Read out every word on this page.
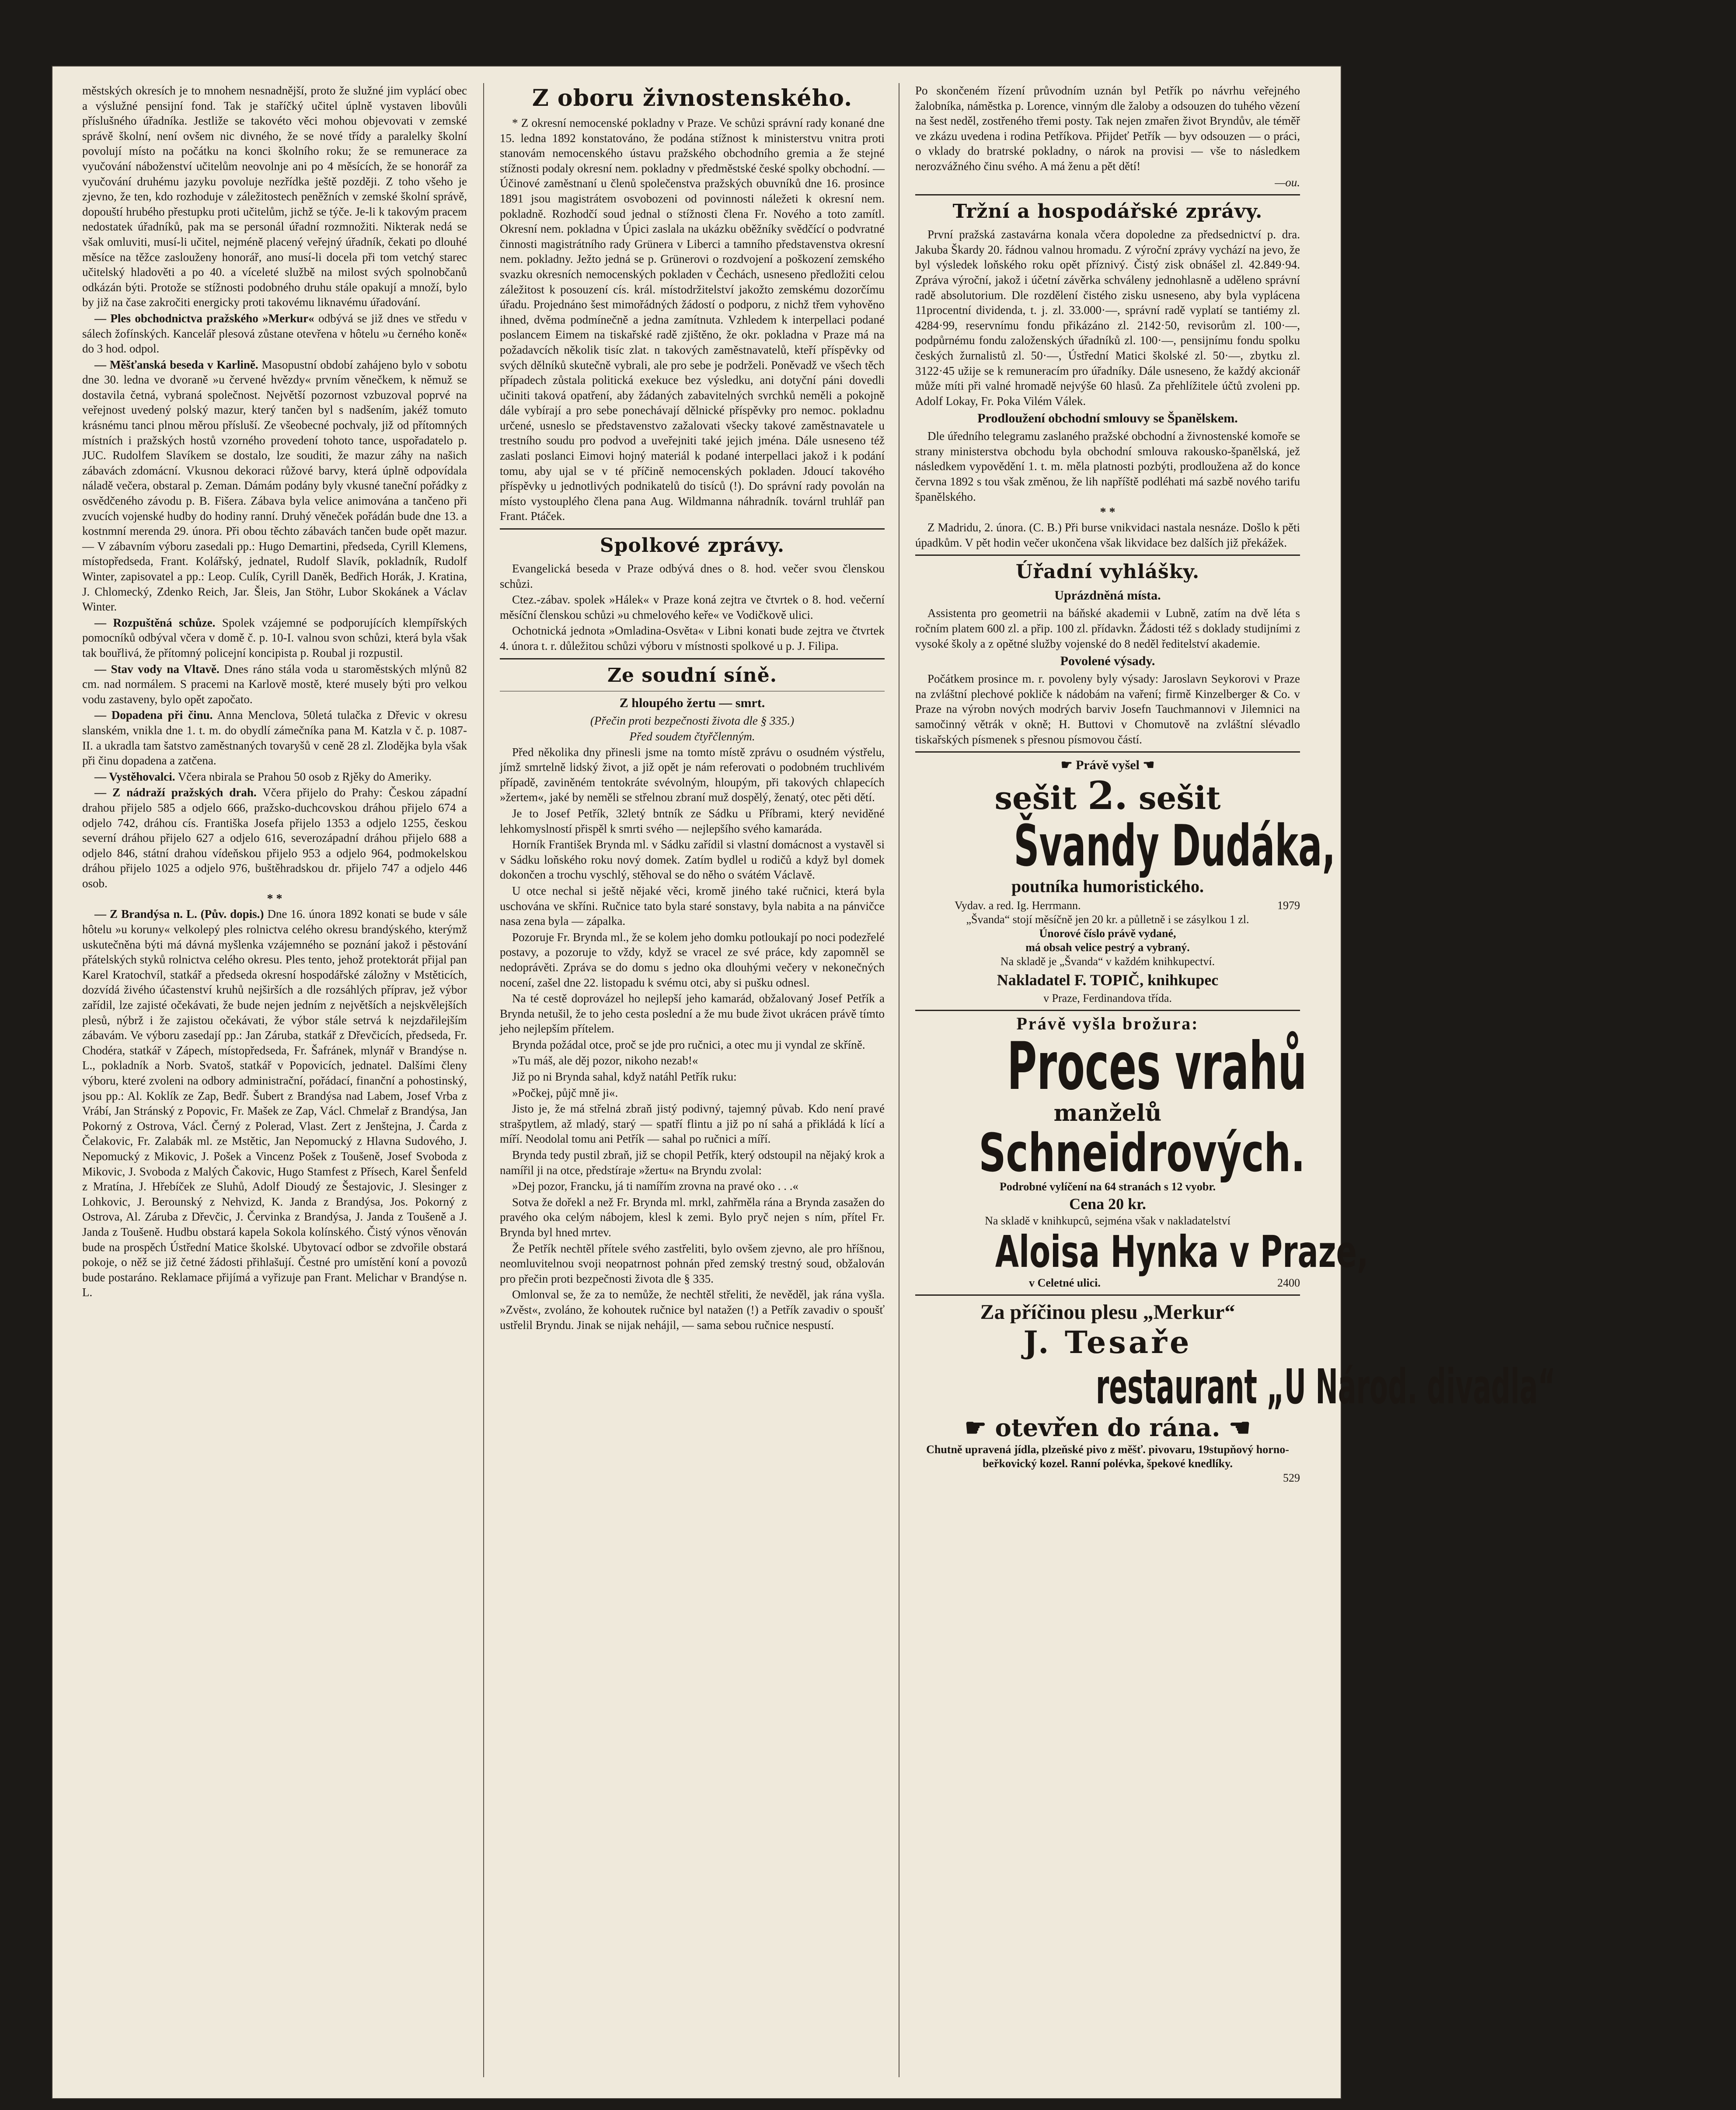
městských okresích je to mnohem nesnadnější, proto že služné jim vyplácí obec a výslužné pensijní fond. Tak je staříčký učitel úplně vystaven libovůli příslušného úřadníka. Jestliže se takovéto věci mohou objevovati v zemské správě školní, není ovšem nic divného, že se nové třídy a paralelky školní povolují místo na počátku na konci školního roku; že se remunerace za vyučování náboženství učitelům neovolnje ani po 4 měsících, že se honorář za vyučování druhému jazyku povoluje nezřídka ještě později. Z toho všeho je zjevno, že ten, kdo rozhoduje v záležitostech peněžních v zemské školní správě, dopouští hrubého přestupku proti učitelům, jichž se týče. Je-li k takovým pracem nedostatek úřadníků, pak ma se personál úřadní rozmnožiti. Nikterak nedá se však omluviti, musí-li učitel, nejméně placený veřejný úřadník, čekati po dlouhé měsíce na těžce zaslouženy honorář, ano musí-li docela při tom vetchý starec učitelský hladověti a po 40. a víceleté službě na milost svých spolnobčanů odkázán býti. Protože se stížnosti podobného druhu stále opakují a množí, bylo by již na čase zakročiti energicky proti takovému liknavému úřadování.

— Ples obchodnictva pražského »Merkur« odbývá se již dnes ve středu v sálech žofínských. Kancelář plesová zůstane otevřena v hôtelu »u černého koně« do 3 hod. odpol.

— Měšťanská beseda v Karlině. Masopustní období zahájeno bylo v sobotu dne 30. ledna ve dvoraně »u červené hvězdy« prvním věnečkem, k němuž se dostavila četná, vybraná společnost. Největší pozornost vzbuzoval poprvé na veřejnost uvedený polský mazur, který tančen byl s nadšením, jakéž tomuto krásnému tanci plnou měrou přísluší. Ze všeobecné pochvaly, již od přítomných místních i pražských hostů vzorného provedení tohoto tance, uspořadatelo p. JUC. Rudolfem Slavíkem se dostalo, lze souditi, že mazur záhy na našich zábavách zdomácní. Vkusnou dekoraci růžové barvy, která úplně odpovídala náladě večera, obstaral p. Zeman. Dámám podány byly vkusné taneční pořádky z osvědčeného závodu p. B. Fišera. Zábava byla velice animována a tančeno při zvucích vojenské hudby do hodiny ranní. Druhý věneček pořádán bude dne 13. a kostnmní merenda 29. února. Při obou těchto zábavách tančen bude opět mazur. — V zábavním výboru zasedali pp.: Hugo Demartini, předseda, Cyrill Klemens, místopředseda, Frant. Kolářský, jednatel, Rudolf Slavík, pokladník, Rudolf Winter, zapisovatel a pp.: Leop. Culík, Cyrill Daněk, Bedřich Horák, J. Kratina, J. Chlomecký, Zdenko Reich, Jar. Šleis, Jan Stöhr, Lubor Skokánek a Václav Winter.

— Rozpuštěná schůze. Spolek vzájemné se podporujících klempířských pomocníků odbýval včera v domě č. p. 10-I. valnou svon schůzi, která byla však tak bouřlivá, že přítomný policejní koncipista p. Roubal ji rozpustil.

— Stav vody na Vltavě. Dnes ráno stála voda u staroměstských mlýnů 82 cm. nad normálem. S pracemi na Karlově mostě, které musely býti pro velkou vodu zastaveny, bylo opět započato.

— Dopadena při činu. Anna Menclova, 50letá tulačka z Dřevic v okresu slanském, vnikla dne 1. t. m. do obydlí zámečníka pana M. Katzla v č. p. 1087-II. a ukradla tam šatstvo zaměstnaných tovaryšů v ceně 28 zl. Zlodějka byla však při činu dopadena a zatčena.

— Vystěhovalci. Včera nbirala se Prahou 50 osob z Rjěky do Ameriky.

— Z nádraží pražských drah. Včera přijelo do Prahy: Českou západní drahou přijelo 585 a odjelo 666, pražsko-duchcovskou dráhou přijelo 674 a odjelo 742, dráhou cís. Františka Josefa přijelo 1353 a odjelo 1255, českou severní dráhou přijelo 627 a odjelo 616, severozápadní dráhou přijelo 688 a odjelo 846, státní drahou vídeňskou přijelo 953 a odjelo 964, podmokelskou dráhou přijelo 1025 a odjelo 976, buštěhradskou dr. přijelo 747 a odjelo 446 osob.

* *

— Z Brandýsa n. L. (Pův. dopis.) Dne 16. února 1892 konati se bude v sále hôtelu »u koruny« velkolepý ples rolnictva celého okresu brandýského, kterýmž uskutečněna býti má dávná myšlenka vzájemného se poznání jakož i pěstování přátelských styků rolnictva celého okresu. Ples tento, jehož protektorát přijal pan Karel Kratochvíl, statkář a předseda okresní hospodářské záložny v Mstěticích, dozvídá živého účastenství kruhů nejširších a dle rozsáhlých příprav, jež výbor zařídil, lze zajisté očekávati, že bude nejen jedním z největších a nejskvělejších plesů, nýbrž i že zajistou očekávati, že výbor stále setrvá k nejzdařilejším zábavám. Ve výboru zasedají pp.: Jan Záruba, statkář z Dřevčicích, předseda, Fr. Chodéra, statkář v Zápech, místopředseda, Fr. Šafránek, mlynář v Brandýse n. L., pokladník a Norb. Svatoš, statkář v Popovicích, jednatel. Dalšími členy výboru, které zvoleni na odbory administrační, pořádací, finanční a pohostinský, jsou pp.: Al. Koklík ze Zap, Bedř. Šubert z Brandýsa nad Labem, Josef Vrba z Vrábí, Jan Stránský z Popovic, Fr. Mašek ze Zap, Václ. Chmelař z Brandýsa, Jan Pokorný z Ostrova, Václ. Černý z Polerad, Vlast. Zert z Jenštejna, J. Čarda z Čelakovic, Fr. Zalabák ml. ze Mstětic, Jan Nepomucký z Hlavna Sudového, J. Nepomucký z Mikovic, J. Pošek a Vincenz Pošek z Toušeně, Josef Svoboda z Mikovic, J. Svoboda z Malých Čakovic, Hugo Stamfest z Přísech, Karel Šenfeld z Mratína, J. Hřebíček ze Sluhů, Adolf Dioudý ze Šestajovic, J. Slesinger z Lohkovic, J. Berounský z Nehvizd, K. Janda z Brandýsa, Jos. Pokorný z Ostrova, Al. Záruba z Dřevčic, J. Červinka z Brandýsa, J. Janda z Toušeně a J. Janda z Toušeně. Hudbu obstará kapela Sokola kolínského. Čistý výnos věnován bude na prospěch Ústřední Matice školské. Ubytovací odbor se zdvořile obstará pokoje, o něž se již četné žádosti přihlašují. Čestné pro umístění koní a povozů bude postaráno. Reklamace přijímá a vyřizuje pan Frant. Melichar v Brandýse n. L.

Z oboru živnostenského.

* Z okresní nemocenské pokladny v Praze. Ve schůzi správní rady konané dne 15. ledna 1892 konstatováno, že podána stížnost k ministerstvu vnitra proti stanovám nemocenského ústavu pražského obchodního gremia a že stejné stížnosti podaly okresní nem. pokladny v předměstské české spolky obchodní. — Účinové zaměstnaní u členů společenstva pražských obuvníků dne 16. prosince 1891 jsou magistrátem osvobozeni od povinnosti náležeti k okresní nem. pokladně. Rozhodčí soud jednal o stížnosti člena Fr. Nového a toto zamítl. Okresní nem. pokladna v Úpici zaslala na ukázku oběžníky svědčící o podvratné činnosti magistrátního rady Grünera v Liberci a tamního představenstva okresní nem. pokladny. Ježto jedná se p. Grünerovi o rozdvojení a poškození zemského svazku okresních nemocenských pokladen v Čechách, usneseno předložiti celou záležitost k posouzení cís. král. místodržitelství jakožto zemskému dozorčímu úřadu. Projednáno šest mimořádných žádostí o podporu, z nichž třem vyhověno ihned, dvěma podmínečně a jedna zamítnuta. Vzhledem k interpellaci podané poslancem Eimem na tiskařské radě zjištěno, že okr. pokladna v Praze má na požadavcích několik tisíc zlat. n takových zaměstnavatelů, kteří příspěvky od svých dělníků skutečně vybrali, ale pro sebe je podrželi. Poněvadž ve všech těch případech zůstala politická exekuce bez výsledku, ani dotyční páni dovedli učiniti taková opatření, aby žádaných zabavitelných svrchků neměli a pokojně dále vybírají a pro sebe ponechávají dělnické příspěvky pro nemoc. pokladnu určené, usneslo se představenstvo zažalovati všecky takové zaměstnavatele u trestního soudu pro podvod a uveřejniti také jejich jména. Dále usneseno též zaslati poslanci Eimovi hojný materiál k podané interpellaci jakož i k podání tomu, aby ujal se v té příčině nemocenských pokladen. Jdoucí takového příspěvky u jednotlivých podnikatelů do tisíců (!). Do správní rady povolán na místo vystouplého člena pana Aug. Wildmanna náhradník. továrnl truhlář pan Frant. Ptáček.

Spolkové zprávy.

Evangelická beseda v Praze odbývá dnes o 8. hod. večer svou členskou schůzi.

Ctez.-zábav. spolek »Hálek« v Praze koná zejtra ve čtvrtek o 8. hod. večerní měsíční členskou schůzi »u chmelového keře« ve Vodičkově ulici.

Ochotnická jednota »Omladina-Osvěta« v Libni konati bude zejtra ve čtvrtek 4. února t. r. důležitou schůzi výboru v místnosti spolkové u p. J. Filipa.

Ze soudní síně.
Z hloupého žertu — smrt.
(Přečin proti bezpečnosti života dle § 335.)
Před soudem čtyřčlenným.

Před několika dny přinesli jsme na tomto místě zprávu o osudném výstřelu, jímž smrtelně lidský život, a již opět je nám referovati o podobném truchlivém případě, zaviněném tentokráte svévolným, hloupým, při takových chlapecích »žertem«, jaké by neměli se střelnou zbraní muž dospělý, ženatý, otec pěti dětí.

Je to Josef Petřík, 32letý bntník ze Sádku u Příbrami, který neviděné lehkomyslností přispěl k smrti svého — nejlepšího svého kamaráda.

Horník František Brynda ml. v Sádku zařídil si vlastní domácnost a vystavěl si v Sádku loňského roku nový domek. Zatím bydlel u rodičů a když byl domek dokončen a trochu vyschlý, stěhoval se do něho o svátém Václavě.

U otce nechal si ještě nějaké věci, kromě jiného také ručnici, která byla uschována ve skříni. Ručnice tato byla staré sonstavy, byla nabita a na pánvičce nasa zena byla — zápalka.

Pozoruje Fr. Brynda ml., že se kolem jeho domku potloukají po noci podezřelé postavy, a pozoruje to vždy, když se vracel ze své práce, kdy zapomněl se nedoprávěti. Zpráva se do domu s jedno oka dlouhými večery v nekonečných nocení, zašel dne 22. listopadu k svému otci, aby si pušku odnesl.

Na té cestě doprovázel ho nejlepší jeho kamarád, obžalovaný Josef Petřík a Brynda netušil, že to jeho cesta poslední a že mu bude život ukrácen právě tímto jeho nejlepším přítelem.

Brynda požádal otce, proč se jde pro ručnici, a otec mu ji vyndal ze skříně.

»Tu máš, ale děj pozor, nikoho nezab!«

Již po ni Brynda sahal, když natáhl Petřík ruku:

»Počkej, půjč mně ji«.

Jisto je, že má střelná zbraň jistý podivný, tajemný půvab. Kdo není pravé strašpytlem, až mladý, starý — spatří flintu a již po ní sahá a přikládá k lící a míří. Neodolal tomu ani Petřík — sahal po ručnici a míří.

Brynda tedy pustil zbraň, již se chopil Petřík, který odstoupil na nějaký krok a namířil ji na otce, předstíraje »žertu« na Bryndu zvolal:

»Dej pozor, Francku, já ti namířím zrovna na pravé oko . . .«

Sotva že dořekl a než Fr. Brynda ml. mrkl, zahřměla rána a Brynda zasažen do pravého oka celým nábojem, klesl k zemi. Bylo pryč nejen s ním, přítel Fr. Brynda byl hned mrtev.

Že Petřík nechtěl přítele svého zastřeliti, bylo ovšem zjevno, ale pro hříšnou, neomluvitelnou svoji neopatrnost pohnán před zemský trestný soud, obžalován pro přečin proti bezpečnosti života dle § 335.

Omlonval se, že za to nemůže, že nechtěl střeliti, že nevěděl, jak rána vyšla. »Zvěst«, zvoláno, že kohoutek ručnice byl natažen (!) a Petřík zavadiv o spoušť ustřelil Bryndu. Jinak se nijak nehájil, — sama sebou ručnice nespustí.

Po skončeném řízení průvodním uznán byl Petřík po návrhu veřejného žalobníka, náměstka p. Lorence, vinným dle žaloby a odsouzen do tuhého vězení na šest neděl, zostřeného třemi posty. Tak nejen zmařen život Bryndův, ale téměř ve zkázu uvedena i rodina Petříkova. Přijdeť Petřík — byv odsouzen — o práci, o vklady do bratrské pokladny, o nárok na provisi — vše to následkem nerozvážného činu svého. A má ženu a pět dětí!

—ou.
Tržní a hospodářské zprávy.

První pražská zastavárna konala včera dopoledne za předsednictví p. dra. Jakuba Škardy 20. řádnou valnou hromadu. Z výroční zprávy vychází na jevo, že byl výsledek loňského roku opět příznivý. Čistý zisk obnášel zl. 42.849·94. Zpráva výroční, jakož i účetní závěrka schváleny jednohlasně a uděleno správní radě absolutorium. Dle rozdělení čistého zisku usneseno, aby byla vyplácena 11procentní dividenda, t. j. zl. 33.000·—, správní radě vyplatí se tantiémy zl. 4284·99, reservnímu fondu přikázáno zl. 2142·50, revisorům zl. 100·—, podpůrnému fondu založenských úřadníků zl. 100·—, pensijnímu fondu spolku českých žurnalistů zl. 50·—, Ústřední Matici školské zl. 50·—, zbytku zl. 3122·45 užije se k remuneracím pro úřadníky. Dále usneseno, že každý akcionář může míti při valné hromadě nejvýše 60 hlasů. Za přehlížitele účtů zvoleni pp. Adolf Lokay, Fr. Poka Vilém Válek.

Prodloužení obchodní smlouvy se Španělskem.

Dle úředního telegramu zaslaného pražské obchodní a živnostenské komoře se strany ministerstva obchodu byla obchodní smlouva rakousko-španělská, jež následkem vypovědění 1. t. m. měla platnosti pozbýti, prodloužena až do konce června 1892 s tou však změnou, že lih napříště podléhati má sazbě nového tarifu španělského.

* *

Z Madridu, 2. února. (C. B.) Při burse vnikvidaci nastala nesnáze. Došlo k pěti úpadkům. V pět hodin večer ukončena však likvidace bez dalších již překážek.

Úřadní vyhlášky.
Uprázdněná místa.

Assistenta pro geometrii na báňské akademii v Lubně, zatím na dvě léta s ročním platem 600 zl. a přip. 100 zl. přídavkn. Žádosti též s doklady studijními z vysoké školy a z opětné služby vojenské do 8 neděl ředitelství akademie.

Povolené výsady.

Počátkem prosince m. r. povoleny byly výsady: Jaroslavn Seykorovi v Praze na zvláštní plechové pokliče k nádobám na vaření; firmě Kinzelberger & Co. v Praze na výrobn nových modrých barviv Josefn Tauchmannovi v Jilemnici na samočinný větrák v okně; H. Buttovi v Chomutově na zvláštní slévadlo tiskařských písmenek s přesnou písmovou částí.

☛ Právě vyšel ☚
sešit 2. sešit
Švandy Dudáka,
poutníka humoristického.
Vydav. a red. Ig. Herrmann.	1979
„Švanda“ stojí měsíčně jen 20 kr. a půlletně i se zásylkou 1 zl.
Únorové číslo právě vydané,
má obsah velice pestrý a vybraný.
Na skladě je „Švanda“ v každém knihkupectví.
Nakladatel F. TOPIČ, knihkupec
v Praze, Ferdinandova třída.
Právě vyšla brožura:
Proces vrahů
manželů
Schneidrových.
Podrobné vylíčení na 64 stranách s 12 vyobr.
Cena 20 kr.
Na skladě v knihkupců, sejména však v nakladatelství
Aloisa Hynka v Praze,
v Celetné ulici.	2400
Za příčinou plesu „Merkur“
J. Tesaře
restaurant „U Národ. divadla“
☛ otevřen do rána. ☚
Chutně upravená jídla, plzeňské pivo z měšť. pivovaru, 19stupňový horno-beřkovický kozel. Ranní polévka, špekové knedlíky.
529
